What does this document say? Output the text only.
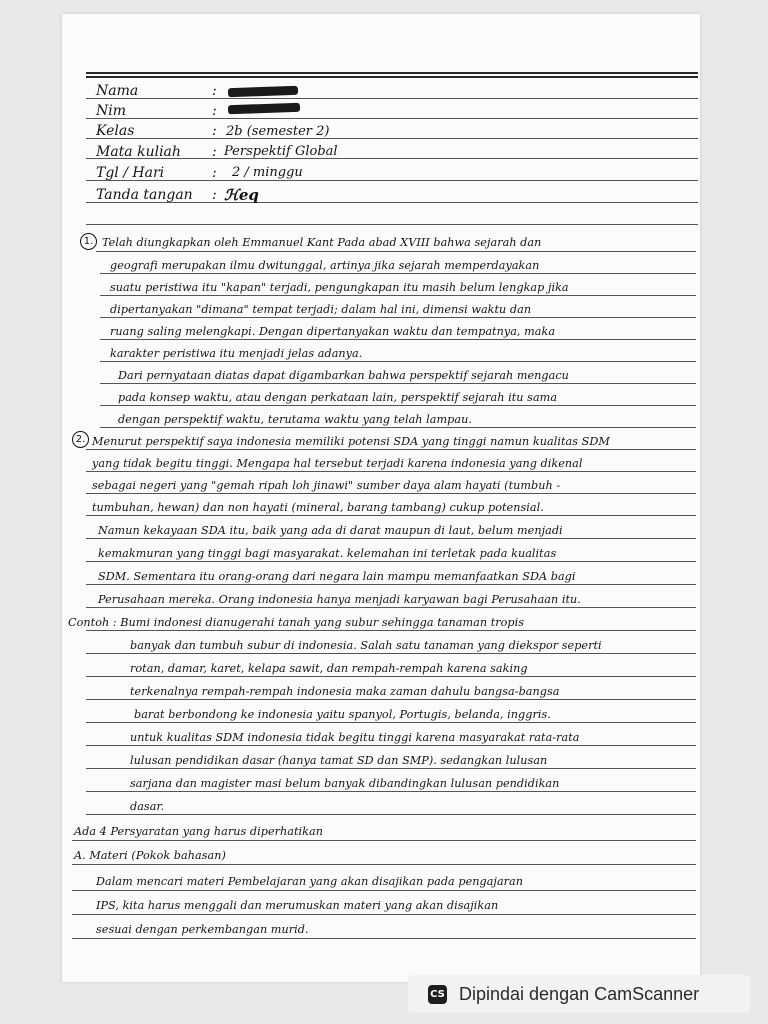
Nama	:
Nim	:
Kelas	: 2b (semester 2)
Mata kuliah : Perspektif Global
Tgl / Hari	: 2 / minggu
Tanda tangan : ℋeq
1.
2.
Telah diungkapkan oleh Emmanuel Kant Pada abad XVIII bahwa sejarah dan
geografi merupakan ilmu dwitunggal, artinya jika sejarah memperdayakan
suatu peristiwa itu "kapan" terjadi, pengungkapan itu masih belum lengkap jika
dipertanyakan "dimana" tempat terjadi; dalam hal ini, dimensi waktu dan
ruang saling melengkapi. Dengan dipertanyakan waktu dan tempatnya, maka
karakter peristiwa itu menjadi jelas adanya.
Dari pernyataan diatas dapat digambarkan bahwa perspektif sejarah mengacu
pada konsep waktu, atau dengan perkataan lain, perspektif sejarah itu sama
dengan perspektif waktu, terutama waktu yang telah lampau.
Menurut perspektif saya indonesia memiliki potensi SDA yang tinggi namun kualitas SDM
yang tidak begitu tinggi. Mengapa hal tersebut terjadi karena indonesia yang dikenal
sebagai negeri yang "gemah ripah loh jinawi" sumber daya alam hayati (tumbuh -
tumbuhan, hewan) dan non hayati (mineral, barang tambang) cukup potensial.
Namun kekayaan SDA itu, baik yang ada di darat maupun di laut, belum menjadi
kemakmuran yang tinggi bagi masyarakat. kelemahan ini terletak pada kualitas
SDM. Sementara itu orang-orang dari negara lain mampu memanfaatkan SDA bagi
Perusahaan mereka. Orang indonesia hanya menjadi karyawan bagi Perusahaan itu.
Contoh : Bumi indonesi dianugerahi tanah yang subur sehingga tanaman tropis
banyak dan tumbuh subur di indonesia. Salah satu tanaman yang diekspor seperti
rotan, damar, karet, kelapa sawit, dan rempah-rempah karena saking
terkenalnya rempah-rempah indonesia maka zaman dahulu bangsa-bangsa
barat berbondong ke indonesia yaitu spanyol, Portugis, belanda, inggris.
untuk kualitas SDM indonesia tidak begitu tinggi karena masyarakat rata-rata
lulusan pendidikan dasar (hanya tamat SD dan SMP). sedangkan lulusan
sarjana dan magister masi belum banyak dibandingkan lulusan pendidikan
dasar.
Ada 4 Persyaratan yang harus diperhatikan
A. Materi (Pokok bahasan)
Dalam mencari materi Pembelajaran yang akan disajikan pada pengajaran
IPS, kita harus menggali dan merumuskan materi yang akan disajikan
sesuai dengan perkembangan murid.
CS Dipindai dengan CamScanner
